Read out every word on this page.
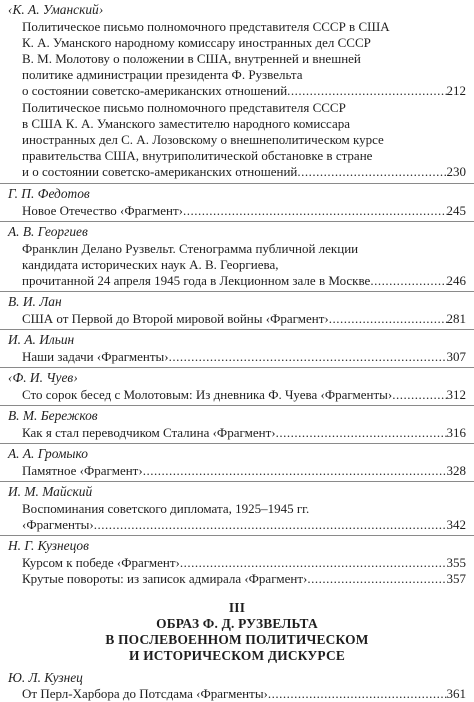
‹К. А. Уманский›
Политическое письмо полномочного представителя СССР в США
К. А. Уманского народному комиссару иностранных дел СССР
В. М. Молотову о положении в США, внутренней и внешней
политике администрации президента Ф. Рузвельта
о состоянии советско-американских отношений .....	212
Политическое письмо полномочного представителя СССР
в США К. А. Уманского заместителю народного комиссара
иностранных дел С. А. Лозовскому о внешнеполитическом курсе
правительства США, внутриполитической обстановке в стране
и о состоянии советско-американских отношений .....	230
Г. П. Федотов
Новое Отечество ‹Фрагмент› .....	245
А. В. Георгиев
Франклин Делано Рузвельт. Стенограмма публичной лекции
кандидата исторических наук А. В. Георгиева,
прочитанной 24 апреля 1945 года в Лекционном зале в Москве .....	246
В. И. Лан
США от Первой до Второй мировой войны ‹Фрагмент› .....	281
И. А. Ильин
Наши задачи ‹Фрагменты› .....	307
‹Ф. И. Чуев›
Сто сорок бесед с Молотовым: Из дневника Ф. Чуева ‹Фрагменты› .....	312
В. М. Бережков
Как я стал переводчиком Сталина ‹Фрагмент› .....	316
А. А. Громыко
Памятное ‹Фрагмент› .....	328
И. М. Майский
Воспоминания советского дипломата, 1925–1945 гг.
‹Фрагменты› .....	342
Н. Г. Кузнецов
Курсом к победе ‹Фрагмент› .....	355
Крутые повороты: из записок адмирала ‹Фрагмент› .....	357
III
ОБРАЗ Ф. Д. РУЗВЕЛЬТА
В ПОСЛЕВОЕННОМ ПОЛИТИЧЕСКОМ
И ИСТОРИЧЕСКОМ ДИСКУРСЕ
Ю. Л. Кузнец
От Перл-Харбора до Потсдама ‹Фрагменты› .....	361
